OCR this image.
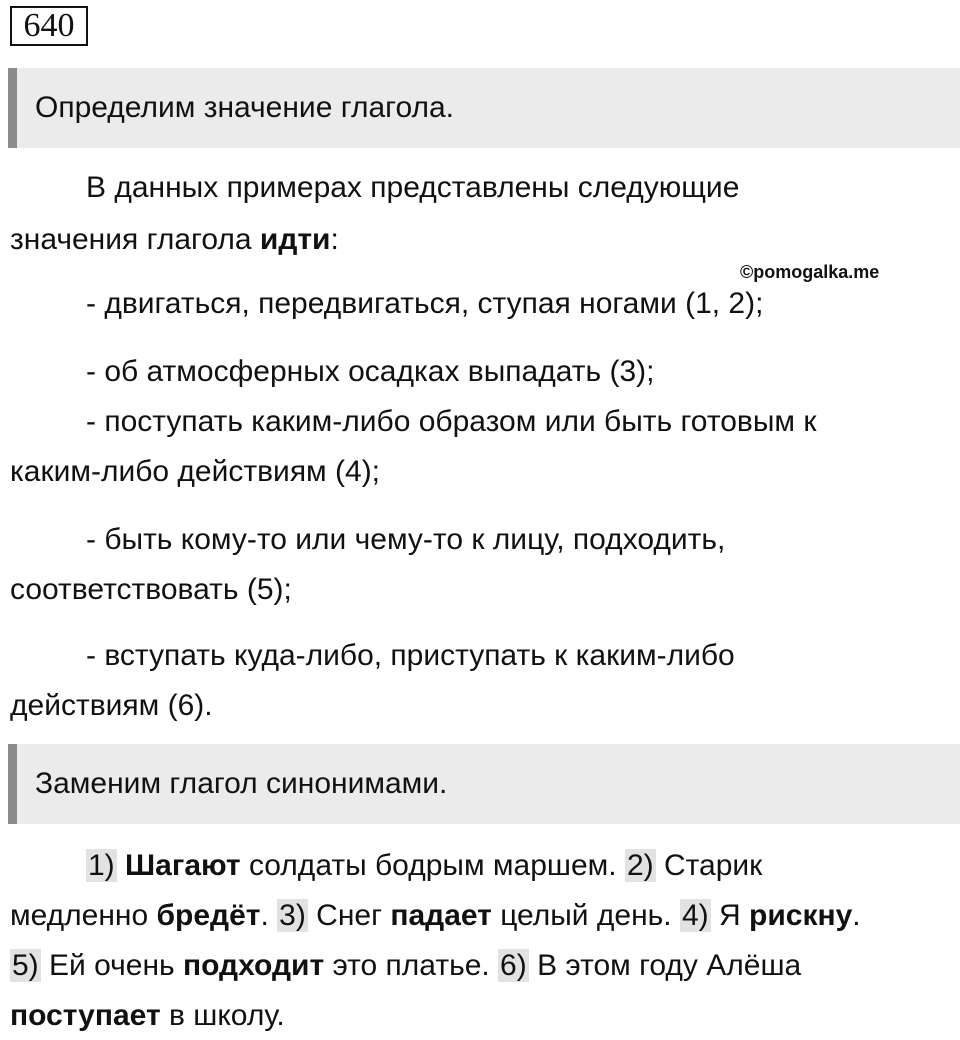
640
Определим значение глагола.
В данных примерах представлены следующие
значения глагола идти:
©pomogalka.me
- двигаться, передвигаться, ступая ногами (1, 2);
- об атмосферных осадках выпадать (3);
- поступать каким-либо образом или быть готовым к
каким-либо действиям (4);
- быть кому-то или чему-то к лицу, подходить,
соответствовать (5);
- вступать куда-либо, приступать к каким-либо
действиям (6).
Заменим глагол синонимами.
1) Шагают солдаты бодрым маршем. 2) Старик
медленно бредёт. 3) Снег падает целый день. 4) Я рискну.
5) Ей очень подходит это платье. 6) В этом году Алёша
поступает в школу.
